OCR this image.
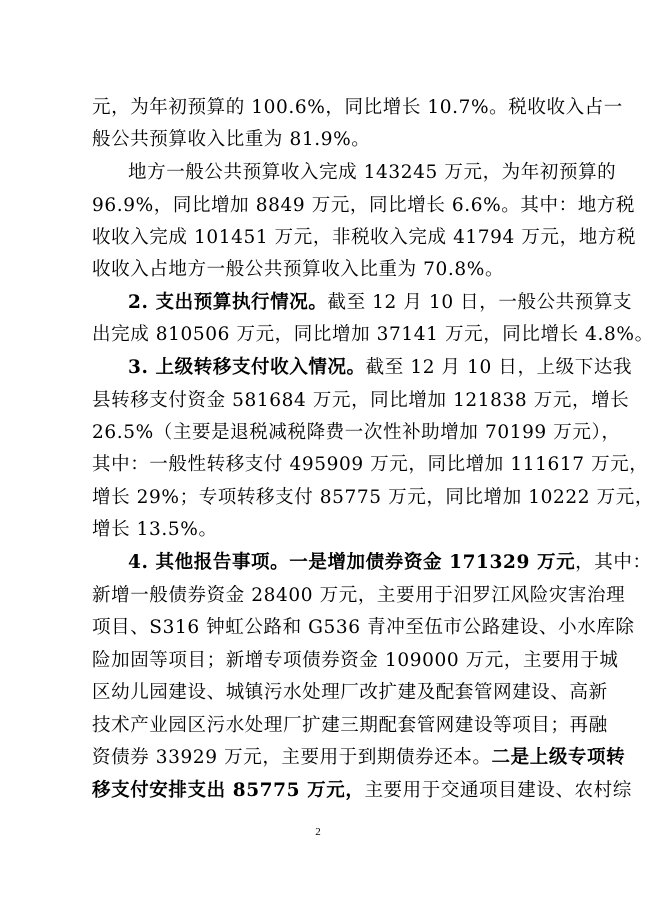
元，为年初预算的 100.6%，同比增长 10.7%。税收收入占一
般公共预算收入比重为 81.9%。
地方一般公共预算收入完成 143245 万元，为年初预算的
96.9%，同比增加 8849 万元，同比增长 6.6%。其中：地方税
收收入完成 101451 万元，非税收入完成 41794 万元，地方税
收收入占地方一般公共预算收入比重为 70.8%。
2. 支出预算执行情况。截至 12 月 10 日，一般公共预算支
出完成 810506 万元，同比增加 37141 万元，同比增长 4.8%。
3. 上级转移支付收入情况。截至 12 月 10 日，上级下达我
县转移支付资金 581684 万元，同比增加 121838 万元，增长
26.5%（主要是退税减税降费一次性补助增加 70199 万元），
其中：一般性转移支付 495909 万元，同比增加 111617 万元，
增长 29%；专项转移支付 85775 万元，同比增加 10222 万元，
增长 13.5%。
4. 其他报告事项。一是增加债券资金 171329 万元，其中：
新增一般债券资金 28400 万元，主要用于汨罗江风险灾害治理
项目、S316 钟虹公路和 G536 青冲至伍市公路建设、小水库除
险加固等项目；新增专项债券资金 109000 万元，主要用于城
区幼儿园建设、城镇污水处理厂改扩建及配套管网建设、高新
技术产业园区污水处理厂扩建三期配套管网建设等项目；再融
资债券 33929 万元，主要用于到期债券还本。二是上级专项转
移支付安排支出 85775 万元，主要用于交通项目建设、农村综
2
